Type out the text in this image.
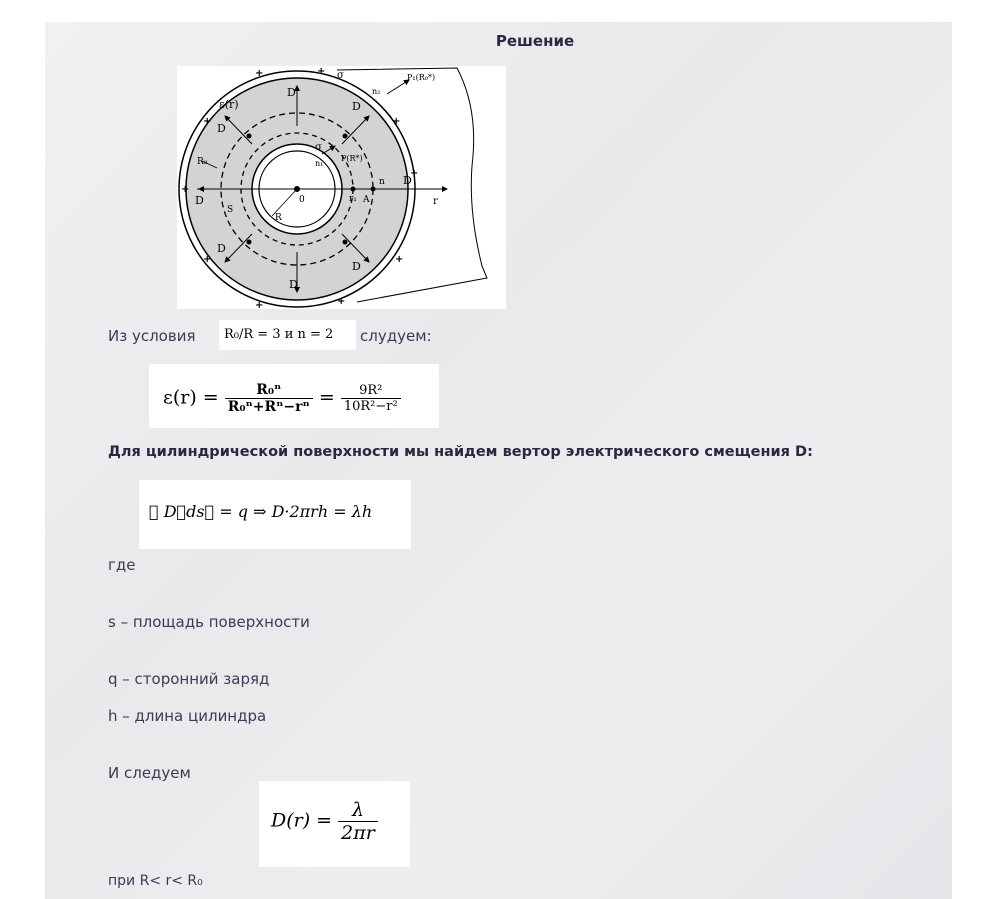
Решение
ε(r)
D
D
D
D
D
D
D
D
R₀
0
R
S
A
r₁
n
n₁
n₂
P(R*)
P₁(R₀*)
σ
σ
r
+	+
+
+
+	+
+	+
+	+
Из условия	R₀/R = 3 и n = 2	слудуем:
$\varepsilon(r) = \frac{\text{R₀ⁿ}}{\text{R₀ⁿ+Rⁿ−rⁿ}} = \frac{\text{9R²}}{\text{10R²−r²}}$
Для цилиндрической поверхности мы найдем вертор электрического смещения D:
∮ D⃗ds⃗ = q ⇒ D·2πrh = λh
где
s – площадь поверхности
q – сторонний заряд
h – длина цилиндра
И следуем
$D(r) = \frac{\lambda}{2\pi r}$
при R< r< R₀
